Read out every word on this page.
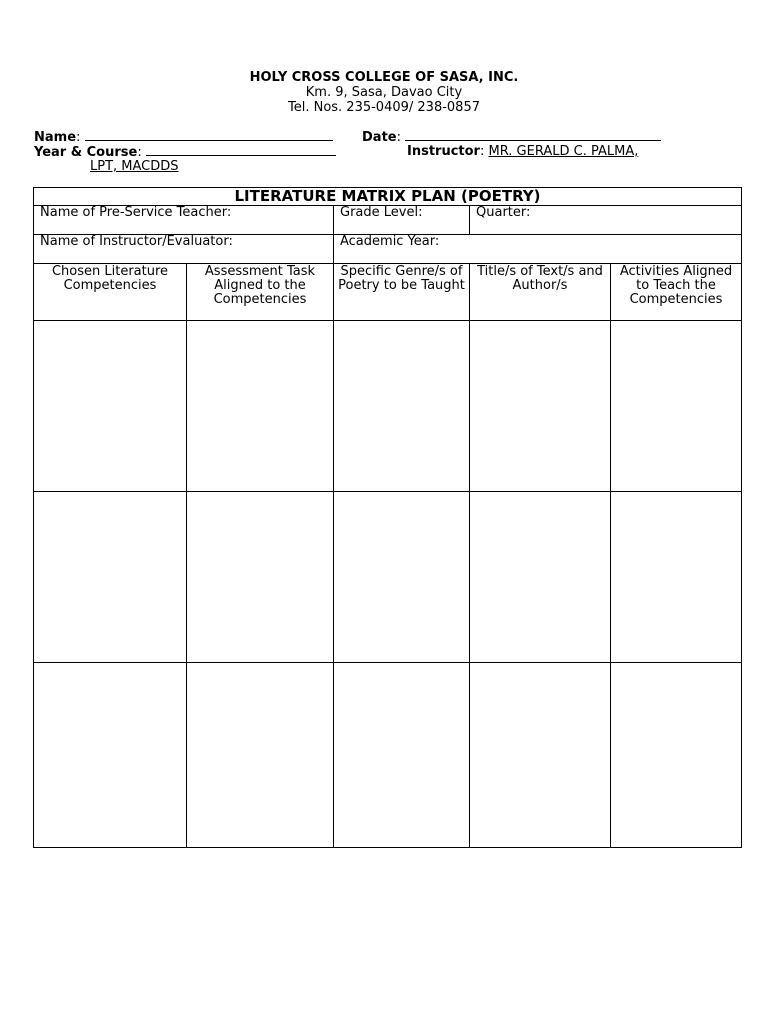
HOLY CROSS COLLEGE OF SASA, INC.
Km. 9, Sasa, Davao City
Tel. Nos. 235-0409/ 238-0857
Name:	Date:
Year & Course:	Instructor: MR. GERALD C. PALMA,
LPT, MACDDS
LITERATURE MATRIX PLAN (POETRY)				
Name of Pre-Service Teacher:		Grade Level:	Quarter:	
Name of Instructor/Evaluator:		Academic Year:		
Chosen Literature Competencies	Assessment Task Aligned to the Competencies	Specific Genre/s of Poetry to be Taught	Title/s of Text/s and Author/s	Activities Aligned to Teach the Competencies
